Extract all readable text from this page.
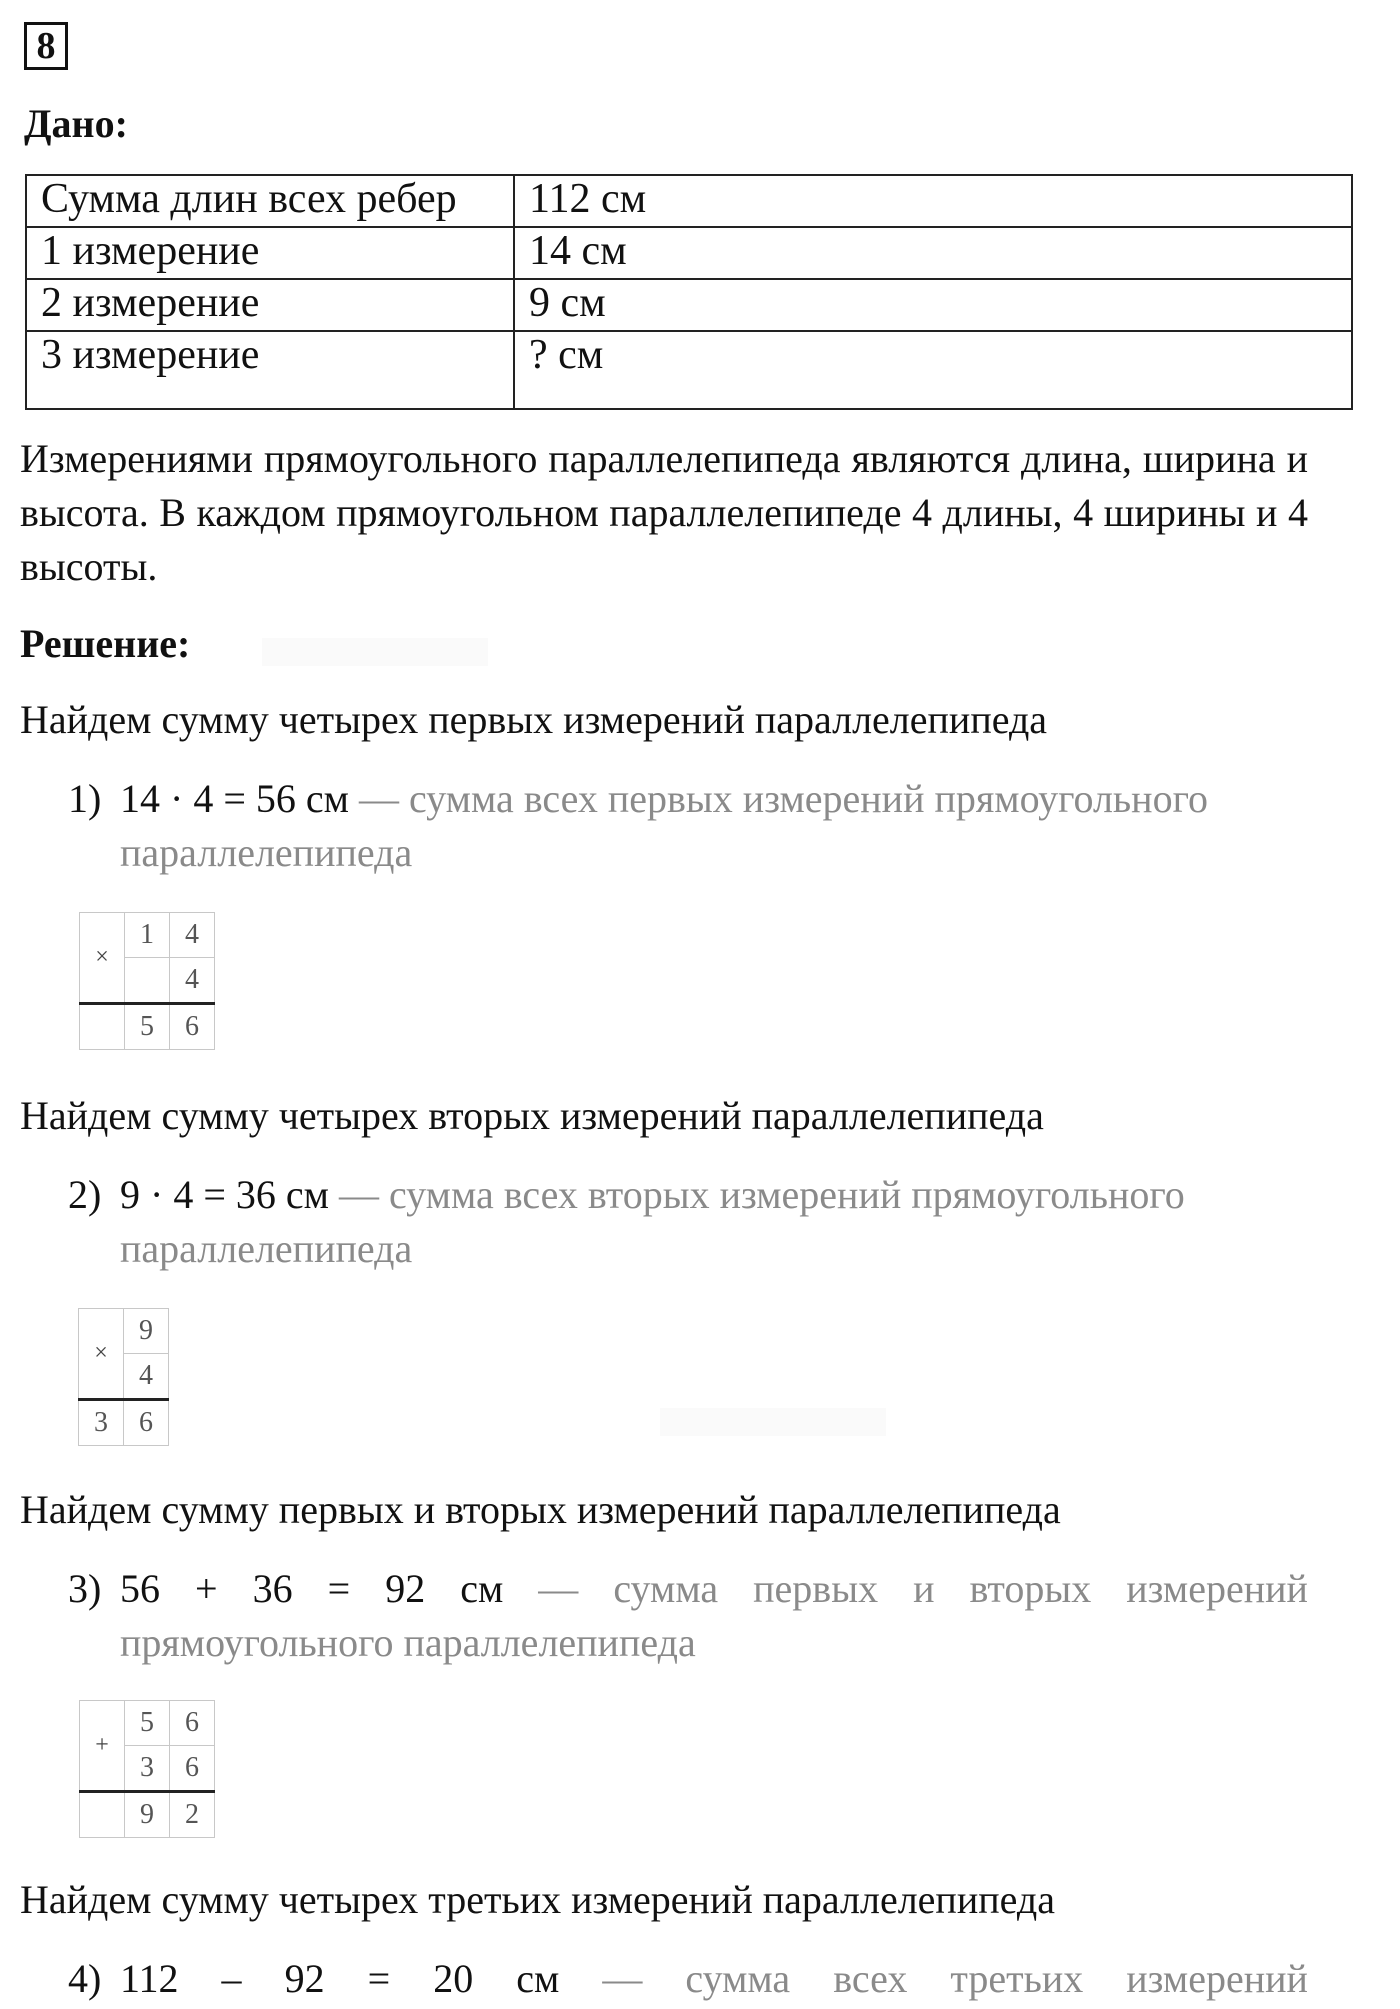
8
Дано:
Сумма длин всех ребер	112 см
1 измерение	14 см
2 измерение	9 см
3 измерение	? см
Измерениями прямоугольного параллелепипеда являются длина, ширина и высота. В каждом прямоугольном параллелепипеде 4 длины, 4 ширины и 4 высоты.
Решение:
Найдем сумму четырех первых измерений параллелепипеда
1) 14 · 4 = 56 см — сумма всех первых измерений прямоугольного
параллелепипеда
×	1	4
		4
	5	6
Найдем сумму четырех вторых измерений параллелепипеда
2) 9 · 4 = 36 см — сумма всех вторых измерений прямоугольного
параллелепипеда
×	9
	4
3	6
Найдем сумму первых и вторых измерений параллелепипеда
3) 56 + 36 = 92 см — сумма первых и вторых измерений
прямоугольного параллелепипеда
+	5	6
	3	6
	9	2
Найдем сумму четырех третьих измерений параллелепипеда
4) 112 – 92 = 20 см — сумма всех третьих измерений
